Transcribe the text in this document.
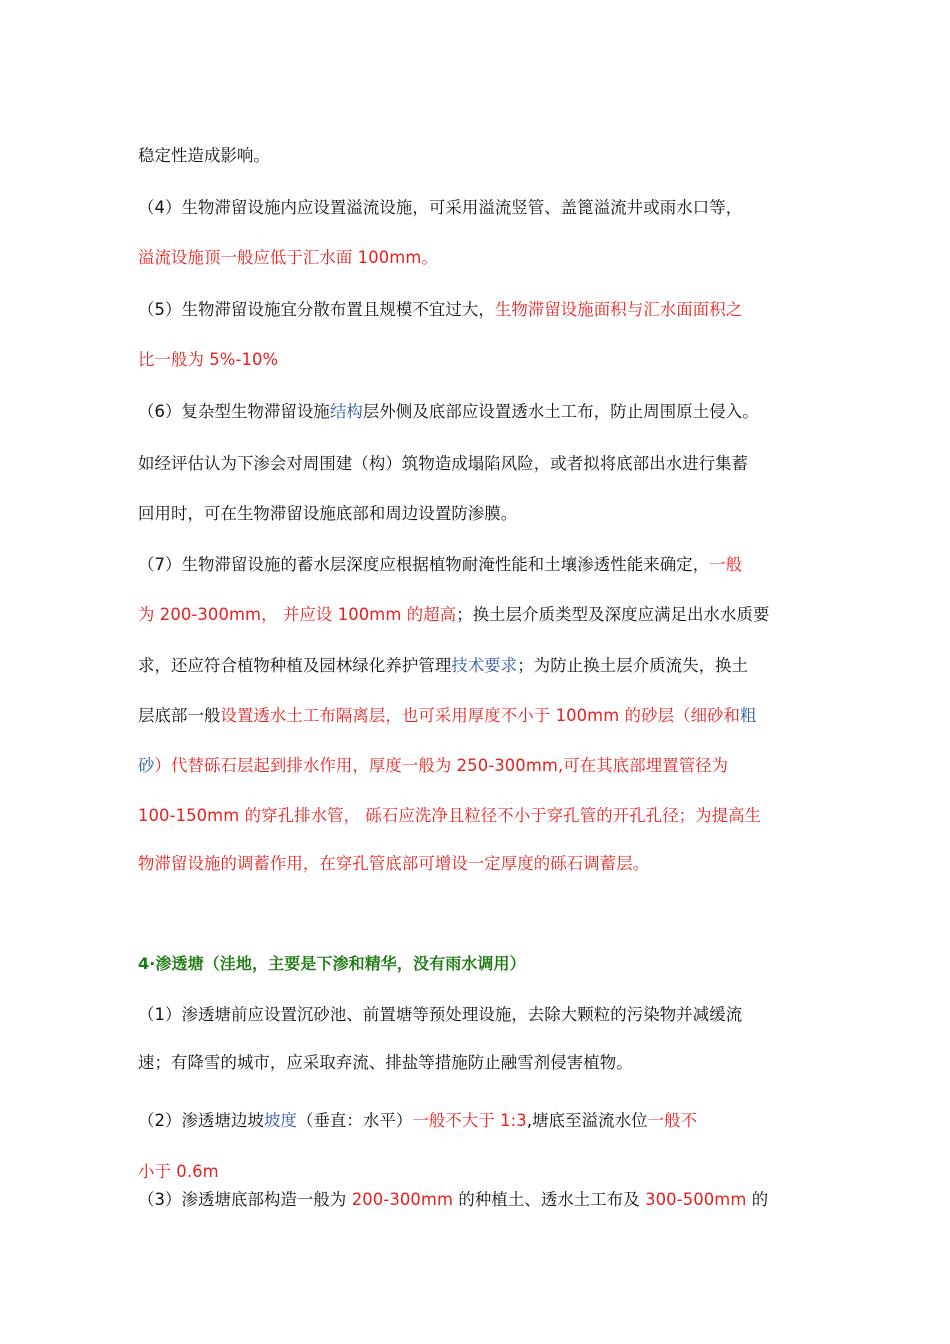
稳定性造成影响。
（4）生物滞留设施内应设置溢流设施，可采用溢流竖管、盖篦溢流井或雨水口等，
溢流设施顶一般应低于汇水面 100mm。
（5）生物滞留设施宜分散布置且规模不宜过大，生物滞留设施面积与汇水面面积之
比一般为 5%-10%
（6）复杂型生物滞留设施结构层外侧及底部应设置透水土工布，防止周围原土侵入。
如经评估认为下渗会对周围建（构）筑物造成塌陷风险，或者拟将底部出水进行集蓄
回用时，可在生物滞留设施底部和周边设置防渗膜。
（7）生物滞留设施的蓄水层深度应根据植物耐淹性能和土壤渗透性能来确定，一般
为 200-300mm， 并应设 100mm 的超高；换土层介质类型及深度应满足出水水质要
求，还应符合植物种植及园林绿化养护管理技术要求；为防止换土层介质流失，换土
层底部一般设置透水土工布隔离层，也可采用厚度不小于 100mm 的砂层（细砂和粗
砂）代替砾石层起到排水作用，厚度一般为 250-300mm,可在其底部埋置管径为
100-150mm 的穿孔排水管， 砾石应洗净且粒径不小于穿孔管的开孔孔径；为提高生
物滞留设施的调蓄作用，在穿孔管底部可增设一定厚度的砾石调蓄层。
4·渗透塘（洼地，主要是下渗和精华，没有雨水调用）
（1）渗透塘前应设置沉砂池、前置塘等预处理设施，去除大颗粒的污染物并减缓流
速；有降雪的城市，应采取弃流、排盐等措施防止融雪剂侵害植物。
（2）渗透塘边坡坡度（垂直：水平）一般不大于 1:3,塘底至溢流水位一般不
小于 0.6m
（3）渗透塘底部构造一般为 200-300mm 的种植土、透水土工布及 300-500mm 的
